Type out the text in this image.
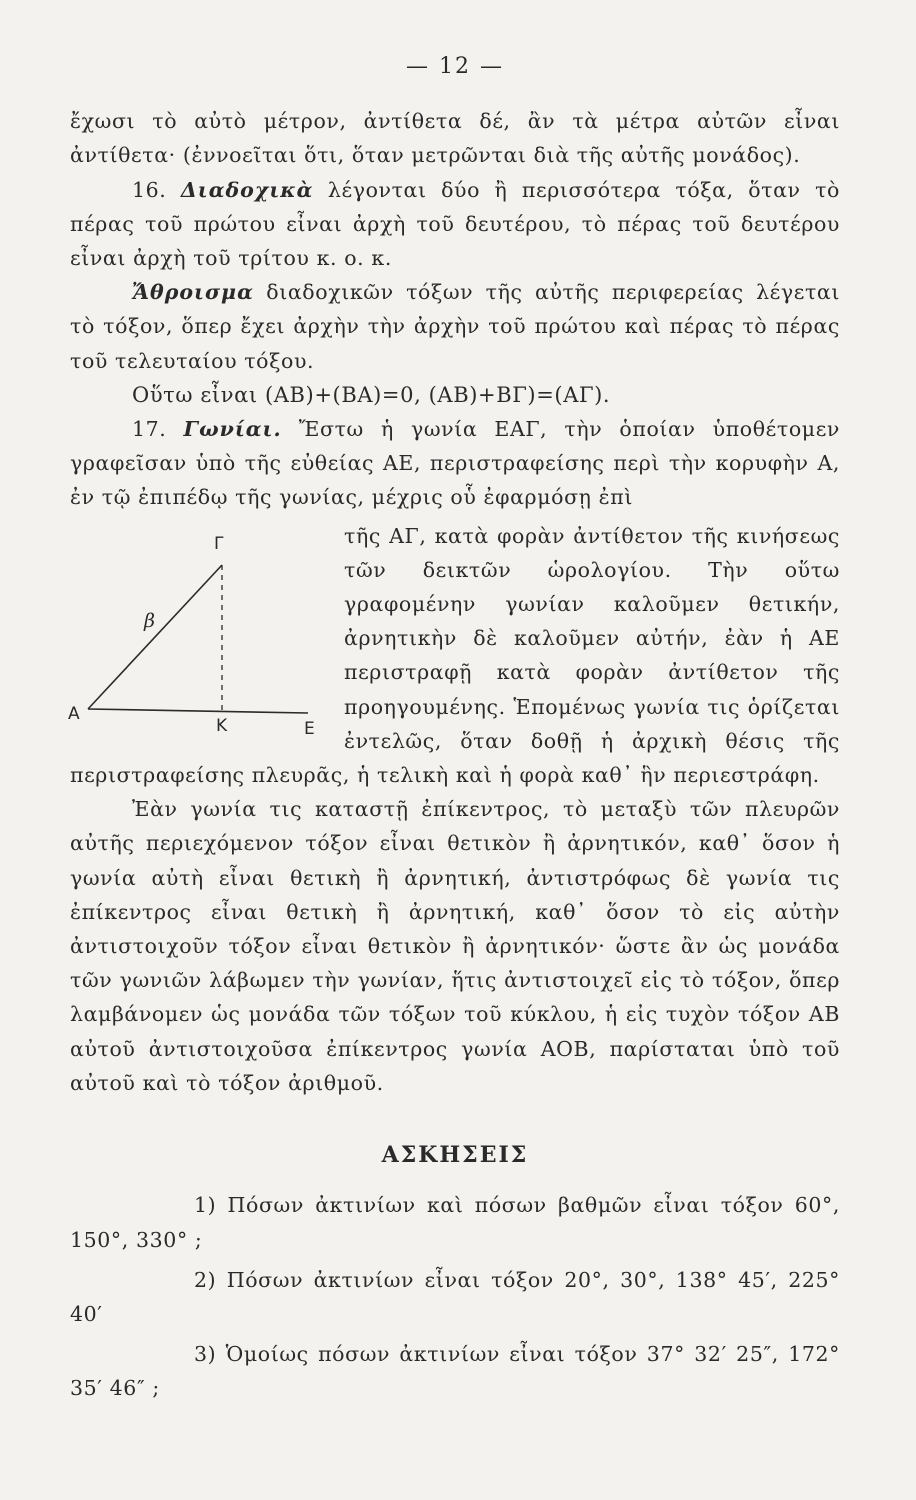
— 12 —

ἔχωσι τὸ αὐτὸ μέτρον, ἀντίθετα δέ, ἂν τὰ μέτρα αὐτῶν εἶναι ἀντίθετα· (ἐννοεῖται ὅτι, ὅταν μετρῶνται διὰ τῆς αὐτῆς μονάδος).

16. Διαδοχικὰ λέγονται δύο ἢ περισσότερα τόξα, ὅταν τὸ πέρας τοῦ πρώτου εἶναι ἀρχὴ τοῦ δευτέρου, τὸ πέρας τοῦ δευτέρου εἶναι ἀρχὴ τοῦ τρίτου κ. ο. κ.

Ἄθροισμα διαδοχικῶν τόξων τῆς αὐτῆς περιφερείας λέγεται τὸ τόξον, ὅπερ ἔχει ἀρχὴν τὴν ἀρχὴν τοῦ πρώτου καὶ πέρας τὸ πέρας τοῦ τελευταίου τόξου.

Οὕτω εἶναι (ΑΒ)+(ΒΑ)=0, (ΑΒ)+ΒΓ)=(ΑΓ).

17. Γωνίαι. Ἔστω ἡ γωνία ΕΑΓ, τὴν ὁποίαν ὑποθέτομεν γραφεῖσαν ὑπὸ τῆς εὐθείας ΑΕ, περιστραφείσης περὶ τὴν κορυφὴν Α, ἐν τῷ ἐπιπέδῳ τῆς γωνίας, μέχρις οὗ ἐφαρμόσῃ ἐπὶ

Γ
β
Α
Κ	Ε

τῆς ΑΓ, κατὰ φορὰν ἀντίθετον τῆς κινήσεως τῶν δεικτῶν ὡρολογίου. Τὴν οὕτω γραφομένην γωνίαν καλοῦμεν θετικήν, ἀρνητικὴν δὲ καλοῦμεν αὐτήν, ἐὰν ἡ ΑΕ περιστραφῇ κατὰ φορὰν ἀντίθετον τῆς προηγουμένης. Ἑπομένως γωνία τις ὁρίζεται ἐντελῶς, ὅταν δοθῇ ἡ ἀρχικὴ θέσις τῆς περιστραφείσης πλευρᾶς, ἡ τελικὴ καὶ ἡ φορὰ καθ᾽ ἣν περιεστράφη.

Ἐὰν γωνία τις καταστῇ ἐπίκεντρος, τὸ μεταξὺ τῶν πλευρῶν αὐτῆς περιεχόμενον τόξον εἶναι θετικὸν ἢ ἀρνητικόν, καθ᾽ ὅσον ἡ γωνία αὐτὴ εἶναι θετικὴ ἢ ἀρνητική, ἀντιστρόφως δὲ γωνία τις ἐπίκεντρος εἶναι θετικὴ ἢ ἀρνητική, καθ᾽ ὅσον τὸ εἰς αὐτὴν ἀντιστοιχοῦν τόξον εἶναι θετικὸν ἢ ἀρνητικόν· ὥστε ἂν ὡς μονάδα τῶν γωνιῶν λάβωμεν τὴν γωνίαν, ἥτις ἀντιστοιχεῖ εἰς τὸ τόξον, ὅπερ λαμβάνομεν ὡς μονάδα τῶν τόξων τοῦ κύκλου, ἡ εἰς τυχὸν τόξον ΑΒ αὐτοῦ ἀντιστοιχοῦσα ἐπίκεντρος γωνία ΑΟΒ, παρίσταται ὑπὸ τοῦ αὐτοῦ καὶ τὸ τόξον ἀριθμοῦ.

ΑΣΚΗΣΕΙΣ

1) Πόσων ἀκτινίων καὶ πόσων βαθμῶν εἶναι τόξον 60°, 150°, 330° ;

2) Πόσων ἀκτινίων εἶναι τόξον 20°, 30°, 138° 45′, 225° 40′

3) Ὁμοίως πόσων ἀκτινίων εἶναι τόξον 37° 32′ 25″, 172° 35′ 46″ ;
